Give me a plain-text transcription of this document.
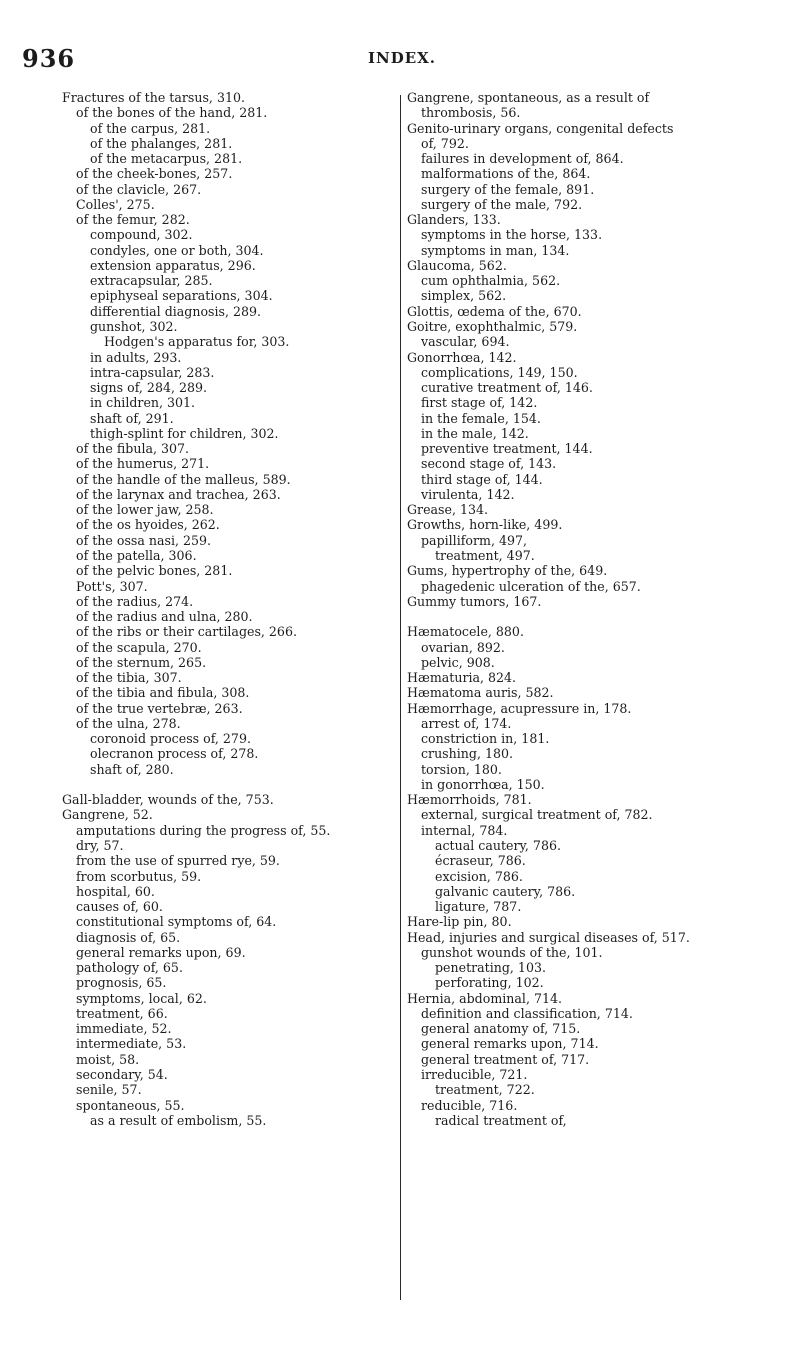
936	INDEX.
Fractures of the tarsus, 310.
of the bones of the hand, 281.
of the carpus, 281.
of the phalanges, 281.
of the metacarpus, 281.
of the cheek-bones, 257.
of the clavicle, 267.
Colles', 275.
of the femur, 282.
compound, 302.
condyles, one or both, 304.
extension apparatus, 296.
extracapsular, 285.
epiphyseal separations, 304.
differential diagnosis, 289.
gunshot, 302.
Hodgen's apparatus for, 303.
in adults, 293.
intra-capsular, 283.
signs of, 284, 289.
in children, 301.
shaft of, 291.
thigh-splint for children, 302.
of the fibula, 307.
of the humerus, 271.
of the handle of the malleus, 589.
of the larynax and trachea, 263.
of the lower jaw, 258.
of the os hyoides, 262.
of the ossa nasi, 259.
of the patella, 306.
of the pelvic bones, 281.
Pott's, 307.
of the radius, 274.
of the radius and ulna, 280.
of the ribs or their cartilages, 266.
of the scapula, 270.
of the sternum, 265.
of the tibia, 307.
of the tibia and fibula, 308.
of the true vertebræ, 263.
of the ulna, 278.
coronoid process of, 279.
olecranon process of, 278.
shaft of, 280.
Gall-bladder, wounds of the, 753.
Gangrene, 52.
amputations during the progress of, 55.
dry, 57.
from the use of spurred rye, 59.
from scorbutus, 59.
hospital, 60.
causes of, 60.
constitutional symptoms of, 64.
diagnosis of, 65.
general remarks upon, 69.
pathology of, 65.
prognosis, 65.
symptoms, local, 62.
treatment, 66.
immediate, 52.
intermediate, 53.
moist, 58.
secondary, 54.
senile, 57.
spontaneous, 55.
as a result of embolism, 55.
Gangrene, spontaneous, as a result of
thrombosis, 56.
Genito-urinary organs, congenital defects
of, 792.
failures in development of, 864.
malformations of the, 864.
surgery of the female, 891.
surgery of the male, 792.
Glanders, 133.
symptoms in the horse, 133.
symptoms in man, 134.
Glaucoma, 562.
cum ophthalmia, 562.
simplex, 562.
Glottis, œdema of the, 670.
Goitre, exophthalmic, 579.
vascular, 694.
Gonorrhœa, 142.
complications, 149, 150.
curative treatment of, 146.
first stage of, 142.
in the female, 154.
in the male, 142.
preventive treatment, 144.
second stage of, 143.
third stage of, 144.
virulenta, 142.
Grease, 134.
Growths, horn-like, 499.
papilliform, 497,
treatment, 497.
Gums, hypertrophy of the, 649.
phagedenic ulceration of the, 657.
Gummy tumors, 167.
Hæmatocele, 880.
ovarian, 892.
pelvic, 908.
Hæmaturia, 824.
Hæmatoma auris, 582.
Hæmorrhage, acupressure in, 178.
arrest of, 174.
constriction in, 181.
crushing, 180.
torsion, 180.
in gonorrhœa, 150.
Hæmorrhoids, 781.
external, surgical treatment of, 782.
internal, 784.
actual cautery, 786.
écraseur, 786.
excision, 786.
galvanic cautery, 786.
ligature, 787.
Hare-lip pin, 80.
Head, injuries and surgical diseases of, 517.
gunshot wounds of the, 101.
penetrating, 103.
perforating, 102.
Hernia, abdominal, 714.
definition and classification, 714.
general anatomy of, 715.
general remarks upon, 714.
general treatment of, 717.
irreducible, 721.
treatment, 722.
reducible, 716.
radical treatment of,
